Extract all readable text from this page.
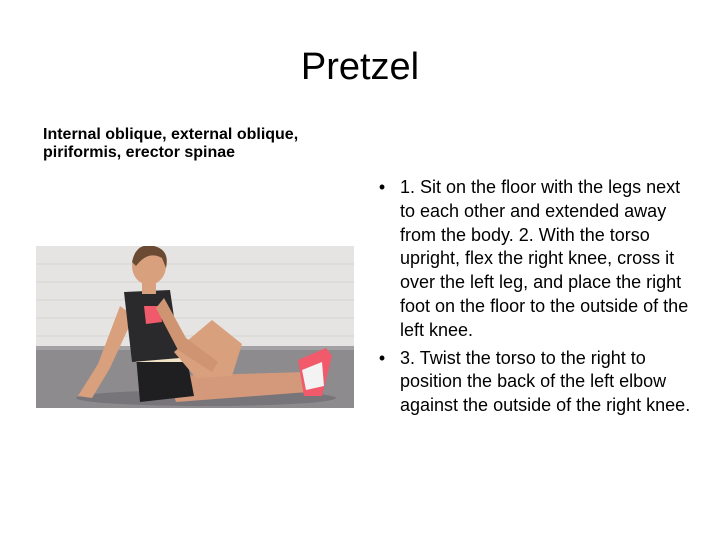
Pretzel
Internal oblique, external oblique, piriformis, erector spinae
• 1. Sit on the floor with the legs next to each other and extended away from the body. 2. With the torso upright, flex the right knee, cross it over the left leg, and place the right foot on the floor to the outside of the left knee.
• 3. Twist the torso to the right to position the back of the left elbow against the outside of the right knee.
